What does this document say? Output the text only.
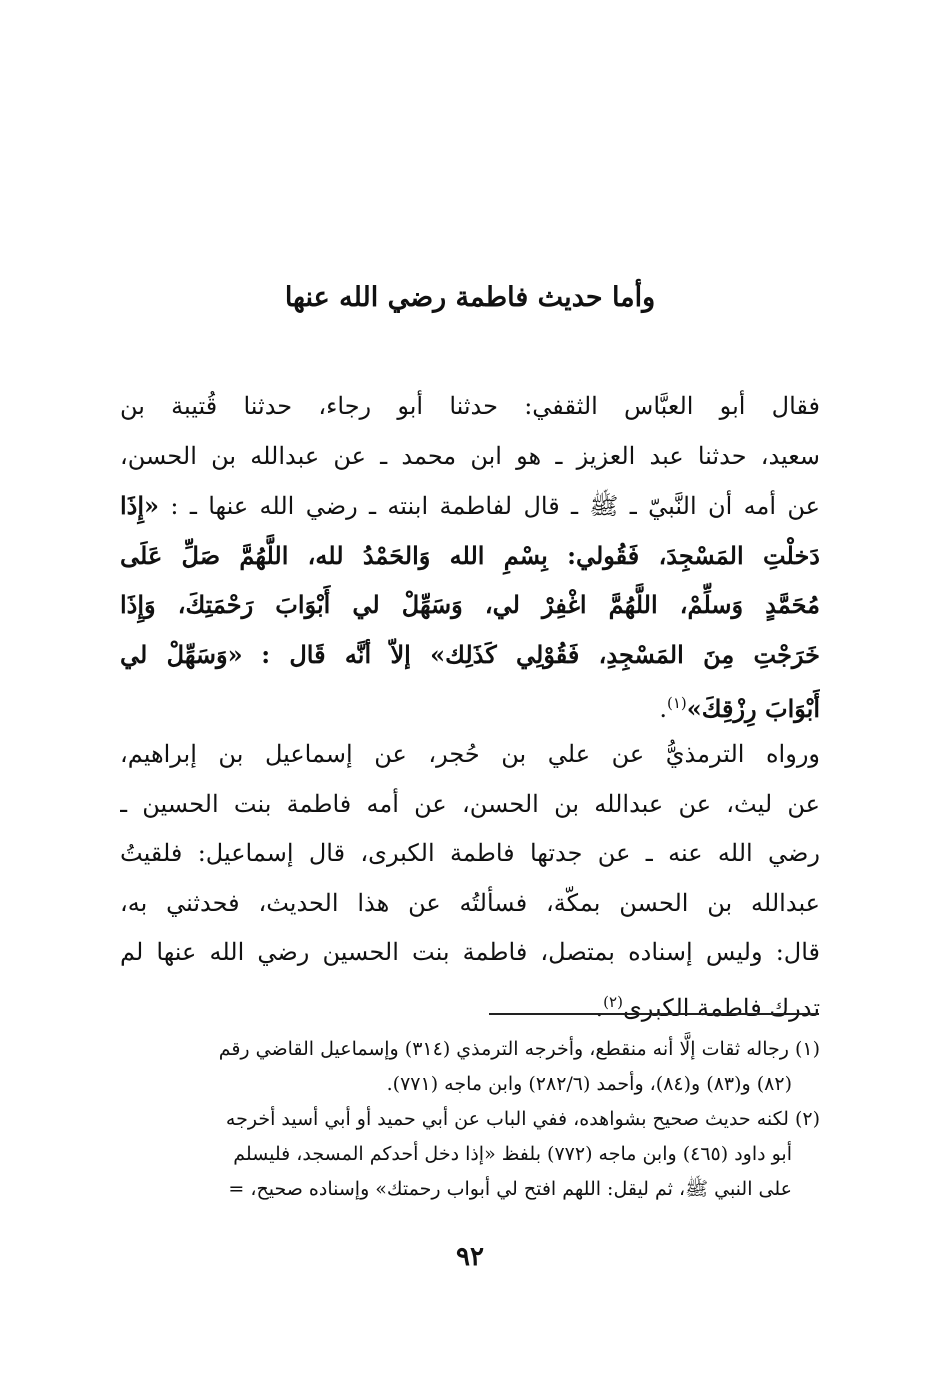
وأما حديث فاطمة رضي الله عنها
فقال أبو العبَّاس الثقفي: حدثنا أبو رجاء، حدثنا قُتيبة بن
سعيد، حدثنا عبد العزيز ـ هو ابن محمد ـ عن عبدالله بن الحسن،
عن أمه أن النَّبيّ ـ ﷺ ـ قال لفاطمة ابنته ـ رضي الله عنها ـ : «إِذَا
دَخلْتِ المَسْجِدَ، فَقُولي: بِسْمِ الله وَالحَمْدُ لله، اللَّهُمَّ صَلِّ عَلَى
مُحَمَّدٍ وَسلِّمْ، اللَّهُمَّ اغْفِرْ لي، وَسَهِّلْ لي أَبْوَابَ رَحْمَتِكَ، وَإِذَا
خَرَجْتِ مِنَ المَسْجِدِ، فَقُوْلِي كَذَلِك» إلاّ أنَّه قَال : «وَسَهِّلْ لي
أَبْوَابَ رِزْقِكَ»$^{(١)}$.
ورواه الترمذيُّ عن علي بن حُجر، عن إسماعيل بن إبراهيم،
عن ليث، عن عبدالله بن الحسن، عن أمه فاطمة بنت الحسين ـ
رضي الله عنه ـ عن جدتها فاطمة الكبرى، قال إسماعيل: فلقيتُ
عبدالله بن الحسن بمكّة، فسألتُه عن هذا الحديث، فحدثني به،
قال: وليس إسناده بمتصل، فاطمة بنت الحسين رضي الله عنها لم
تدرك فاطمة الكبرى$^{(٢)}$.
(١) رجاله ثقات إلَّا أنه منقطع، وأخرجه الترمذي (٣١٤) وإسماعيل القاضي رقم
(٨٢) و(٨٣) و(٨٤)، وأحمد (٢٨٢/٦) وابن ماجه (٧٧١).
(٢) لكنه حديث صحيح بشواهده، ففي الباب عن أبي حميد أو أبي أسيد أخرجه
أبو داود (٤٦٥) وابن ماجه (٧٧٢) بلفظ «إذا دخل أحدكم المسجد، فليسلم
على النبي ﷺ، ثم ليقل: اللهم افتح لي أبواب رحمتك» وإسناده صحيح، =
٩٢
